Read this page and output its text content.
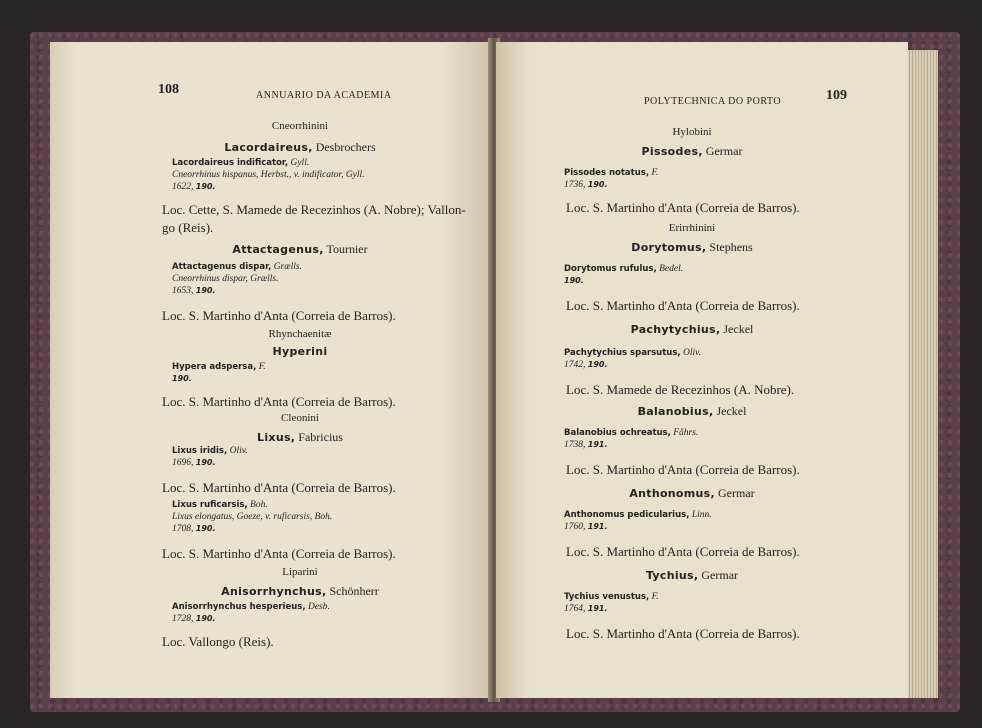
108	ANNUARIO DA ACADEMIA
Cneorrhinini
Lacordaireus, Desbrochers
Lacordaireus indificator, Gyll.
Cneorrhinus hispanus, Herbst., v. indificator, Gyll.
1622, 190.
Loc. Cette, S. Mamede de Recezinhos (A. Nobre); Vallon-
go (Reis).
Attactagenus, Tournier
Attactagenus dispar, Grælls.
Cneorrhinus dispar, Grælls.
1653, 190.
Loc. S. Martinho d'Anta (Correia de Barros).
Rhynchaenitæ
Hyperini
Hypera adspersa, F.
190.
Loc. S. Martinho d'Anta (Correia de Barros).
Cleonini
Lixus, Fabricius
Lixus iridis, Oliv.
1696, 190.
Loc. S. Martinho d'Anta (Correia de Barros).
Lixus ruficarsis, Boh.
Lixus elongatus, Goeze, v. ruficarsis, Boh.
1708, 190.
Loc. S. Martinho d'Anta (Correia de Barros).
Liparini
Anisorrhynchus, Schönherr
Anisorrhynchus hesperieus, Desb.
1728, 190.
Loc. Vallongo (Reis).
POLYTECHNICA DO PORTO	109
Hylobini
Pissodes, Germar
Pissodes notatus, F.
1736, 190.
Loc. S. Martinho d'Anta (Correia de Barros).
Erirrhinini
Dorytomus, Stephens
Dorytomus rufulus, Bedel.
190.
Loc. S. Martinho d'Anta (Correia de Barros).
Pachytychius, Jeckel
Pachytychius sparsutus, Oliv.
1742, 190.
Loc. S. Mamede de Recezinhos (A. Nobre).
Balanobius, Jeckel
Balanobius ochreatus, Fåhrs.
1738, 191.
Loc. S. Martinho d'Anta (Correia de Barros).
Anthonomus, Germar
Anthonomus pedicularius, Linn.
1760, 191.
Loc. S. Martinho d'Anta (Correia de Barros).
Tychius, Germar
Tychius venustus, F.
1764, 191.
Loc. S. Martinho d'Anta (Correia de Barros).
